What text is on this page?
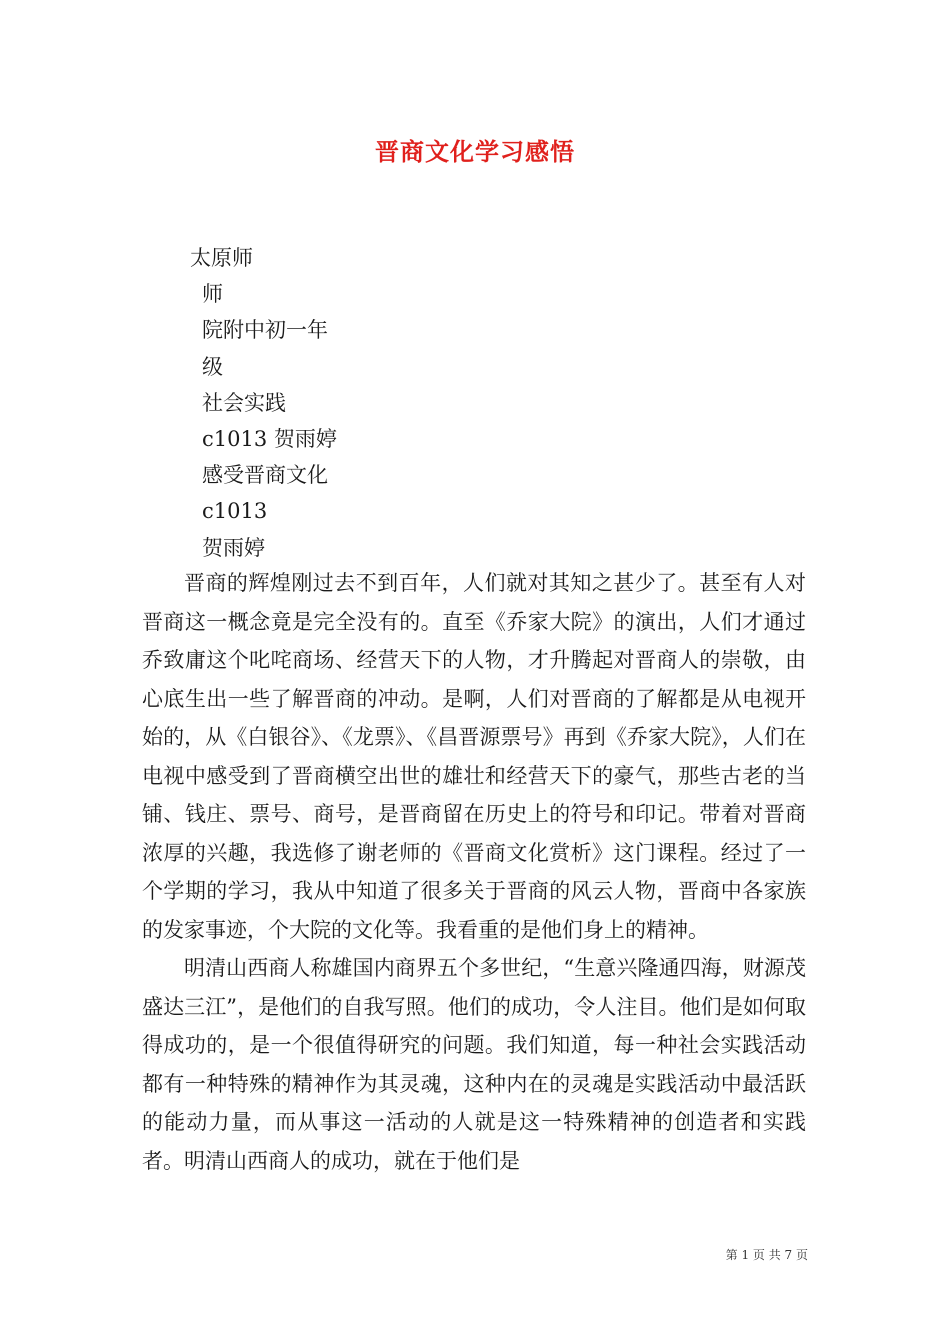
晋商文化学习感悟
太原师
师
院附中初一年
级
社会实践
c1013 贺雨婷
感受晋商文化
c1013
贺雨婷

晋商的辉煌刚过去不到百年，人们就对其知之甚少了。甚至有人对晋商这一概念竟是完全没有的。直至《乔家大院》的演出，人们才通过乔致庸这个叱咤商场、经营天下的人物，才升腾起对晋商人的崇敬，由心底生出一些了解晋商的冲动。是啊，人们对晋商的了解都是从电视开始的，从《白银谷》、《龙票》、《昌晋源票号》再到《乔家大院》，人们在电视中感受到了晋商横空出世的雄壮和经营天下的豪气，那些古老的当铺、钱庄、票号、商号，是晋商留在历史上的符号和印记。带着对晋商浓厚的兴趣，我选修了谢老师的《晋商文化赏析》这门课程。经过了一个学期的学习，我从中知道了很多关于晋商的风云人物，晋商中各家族的发家事迹，个大院的文化等。我看重的是他们身上的精神。

明清山西商人称雄国内商界五个多世纪，“生意兴隆通四海，财源茂盛达三江”，是他们的自我写照。他们的成功，令人注目。他们是如何取得成功的，是一个很值得研究的问题。我们知道，每一种社会实践活动都有一种特殊的精神作为其灵魂，这种内在的灵魂是实践活动中最活跃的能动力量，而从事这一活动的人就是这一特殊精神的创造者和实践者。明清山西商人的成功，就在于他们是

第 1 页 共 7 页
